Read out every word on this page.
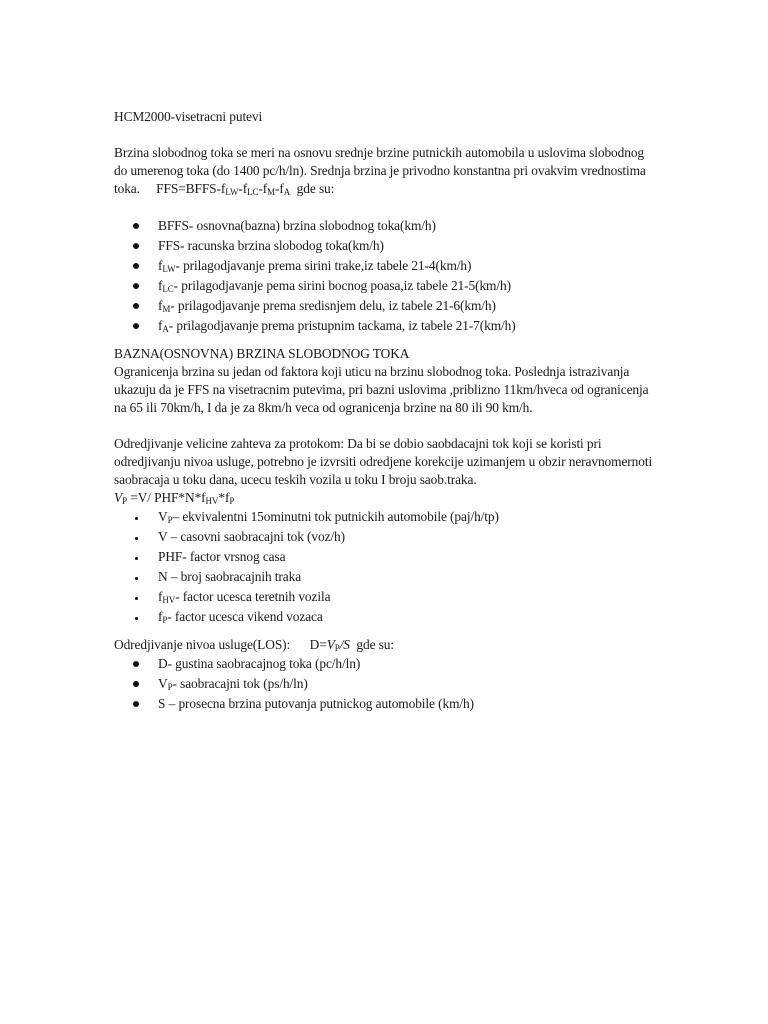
HCM2000-visetracni putevi

Brzina slobodnog toka se meri na osnovu srednje brzine putnickih automobila u uslovima slobodnog do umerenog toka (do 1400 pc/h/ln). Srednja brzina je privodno konstantna pri ovakvim vrednostima toka. $FFS=BFFS-f_{LW}-f_{LC}-f_M-f_A$ gde su:

BFFS- osnovna(bazna) brzina slobodnog toka(km/h)
FFS- racunska brzina slobodog toka(km/h)
$f_{LW}-$ prilagodjavanje prema sirini trake,iz tabele 21-4(km/h)
$f_{LC}-$ prilagodjavanje pema sirini bocnog poasa,iz tabele 21-5(km/h)
$f_M-$ prilagodjavanje prema sredisnjem delu, iz tabele 21-6(km/h)
$f_A-$ prilagodjavanje prema pristupnim tackama, iz tabele 21-7(km/h)

BAZNA(OSNOVNA) BRZINA SLOBODNOG TOKA

Ogranicenja brzina su jedan od faktora koji uticu na brzinu slobodnog toka. Poslednja istrazivanja ukazuju da je FFS na visetracnim putevima, pri bazni uslovima ,priblizno 11km/hveca od ogranicenja na 65 ili 70km/h, I da je za 8km/h veca od ogranicenja brzine na 80 ili 90 km/h.

Odredjivanje velicine zahteva za protokom: Da bi se dobio saobdacajni tok koji se koristi pri odredjivanju nivoa usluge, potrebno je izvrsiti odredjene korekcije uzimanjem u obzir neravnomernoti saobracaja u toku dana, ucecu teskih vozila u toku I broju saob.traka.

$V_P =V/$ $PHF*N*f_{HV}*f_P$

$V_P-$ ekvivalentni 15ominutni tok putnickih automobile (paj/h/tp)
V – casovni saobracajni tok (voz/h)
PHF- factor vrsnog casa
N – broj saobracajnih traka
$f_{HV}-$ factor ucesca teretnih vozila
$f_P-$ factor ucesca vikend vozaca

Odredjivanje nivoa usluge(LOS): $D=V_P/S$ gde su:

D- gustina saobracajnog toka (pc/h/ln)
$V_P-$ saobracajni tok (ps/h/ln)
S – prosecna brzina putovanja putnickog automobile (km/h)
